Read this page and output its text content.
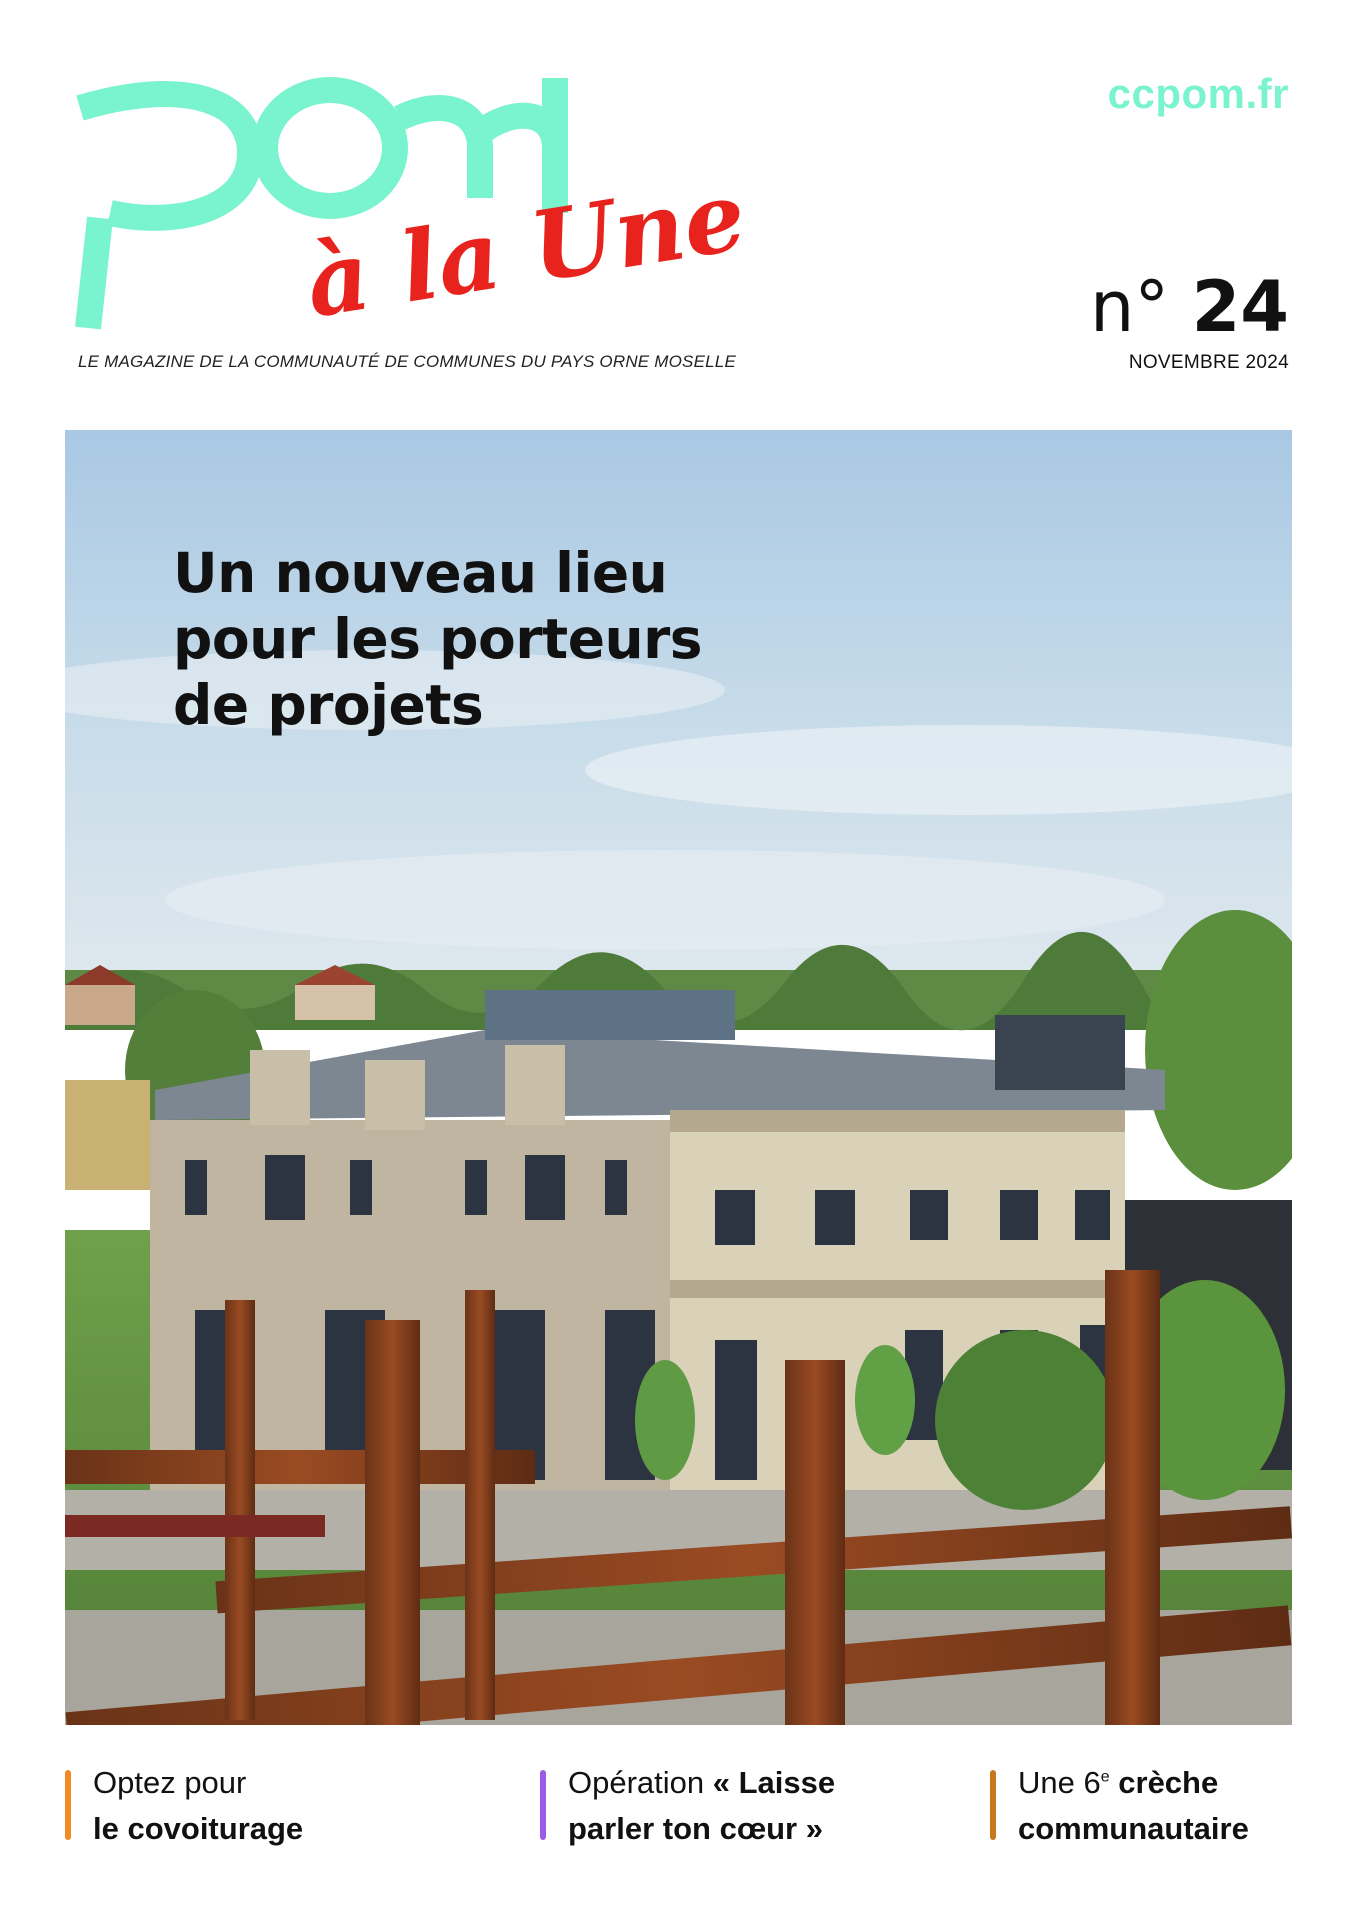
à la Une
ccpom.fr
n° 24
NOVEMBRE 2024
LE MAGAZINE DE LA COMMUNAUTÉ DE COMMUNES DU PAYS ORNE MOSELLE
Un nouveau lieu
pour les porteurs
de projets
Optez pour
le covoiturage
Opération « Laisse
parler ton cœur »
Une 6e crèche
communautaire
